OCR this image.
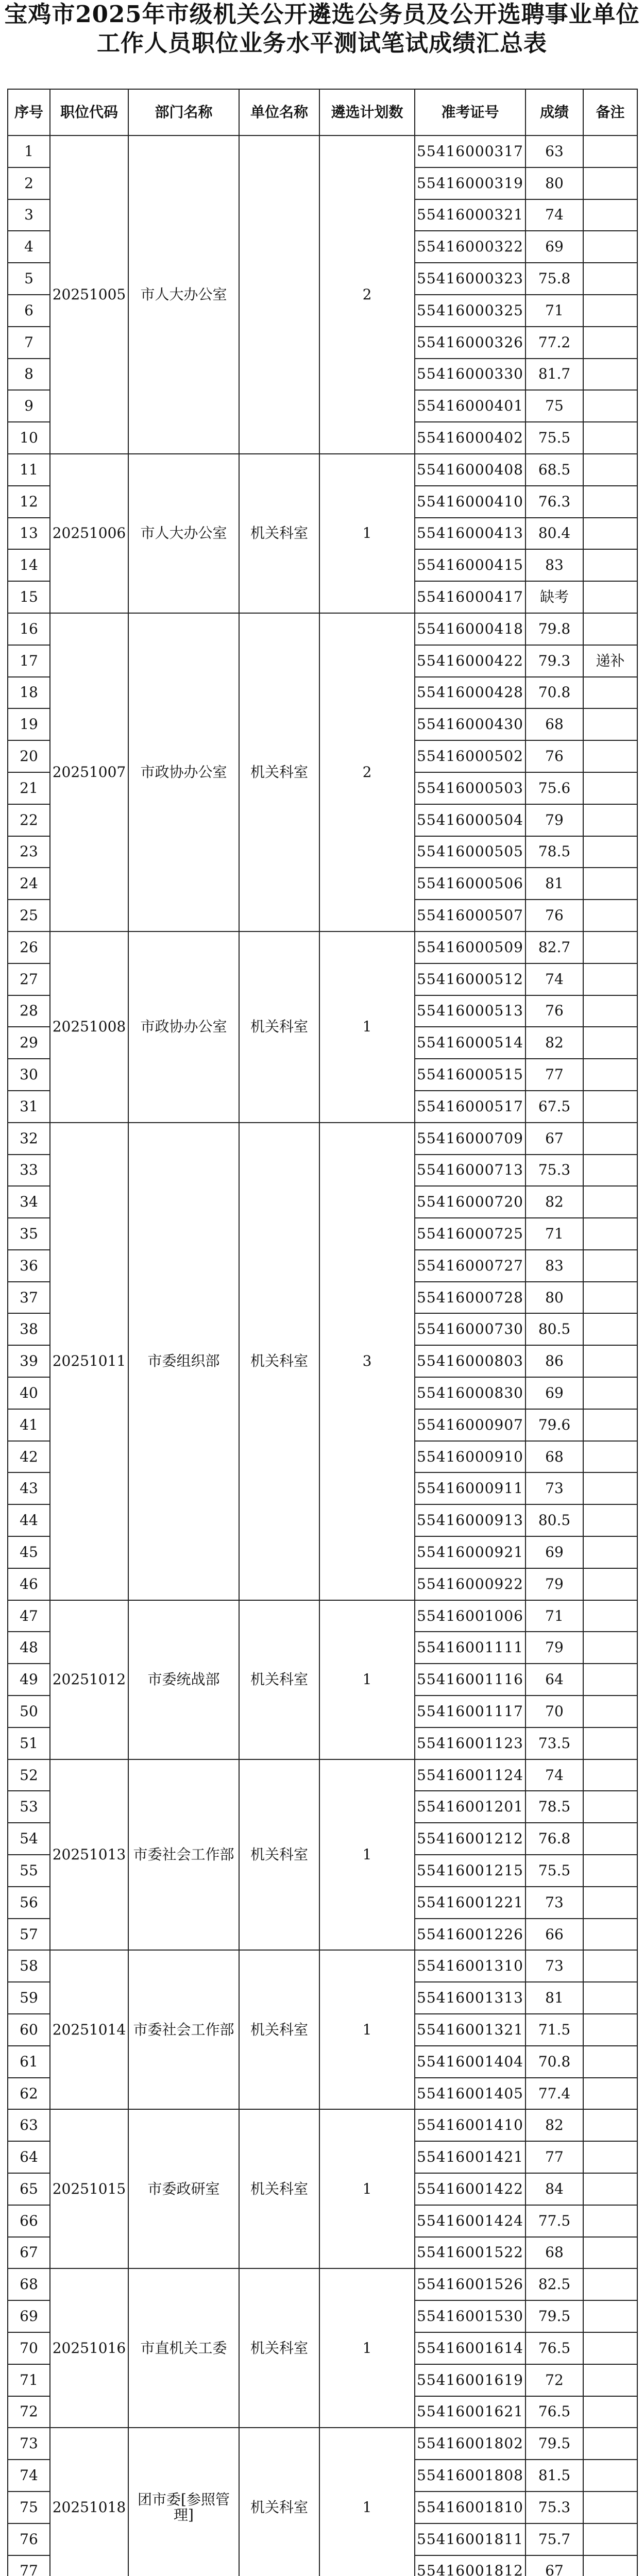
宝鸡市2025年市级机关公开遴选公务员及公开选聘事业单位
工作人员职位业务水平测试笔试成绩汇总表
序号	职位代码	部门名称	单位名称	遴选计划数	准考证号	成绩	备注
1	20251005	市人大办公室		2	55416000317	63	
2					55416000319	80	
3					55416000321	74	
4					55416000322	69	
5					55416000323	75.8	
6					55416000325	71	
7					55416000326	77.2	
8					55416000330	81.7	
9					55416000401	75	
10					55416000402	75.5	
11	20251006	市人大办公室	机关科室	1	55416000408	68.5	
12					55416000410	76.3	
13					55416000413	80.4	
14					55416000415	83	
15					55416000417	缺考	
16	20251007	市政协办公室	机关科室	2	55416000418	79.8	
17					55416000422	79.3	递补
18					55416000428	70.8	
19					55416000430	68	
20					55416000502	76	
21					55416000503	75.6	
22					55416000504	79	
23					55416000505	78.5	
24					55416000506	81	
25					55416000507	76	
26	20251008	市政协办公室	机关科室	1	55416000509	82.7	
27					55416000512	74	
28					55416000513	76	
29					55416000514	82	
30					55416000515	77	
31					55416000517	67.5	
32	20251011	市委组织部	机关科室	3	55416000709	67	
33					55416000713	75.3	
34					55416000720	82	
35					55416000725	71	
36					55416000727	83	
37					55416000728	80	
38					55416000730	80.5	
39					55416000803	86	
40					55416000830	69	
41					55416000907	79.6	
42					55416000910	68	
43					55416000911	73	
44					55416000913	80.5	
45					55416000921	69	
46					55416000922	79	
47	20251012	市委统战部	机关科室	1	55416001006	71	
48					55416001111	79	
49					55416001116	64	
50					55416001117	70	
51					55416001123	73.5	
52	20251013	市委社会工作部	机关科室	1	55416001124	74	
53					55416001201	78.5	
54					55416001212	76.8	
55					55416001215	75.5	
56					55416001221	73	
57					55416001226	66	
58	20251014	市委社会工作部	机关科室	1	55416001310	73	
59					55416001313	81	
60					55416001321	71.5	
61					55416001404	70.8	
62					55416001405	77.4	
63	20251015	市委政研室	机关科室	1	55416001410	82	
64					55416001421	77	
65					55416001422	84	
66					55416001424	77.5	
67					55416001522	68	
68	20251016	市直机关工委	机关科室	1	55416001526	82.5	
69					55416001530	79.5	
70					55416001614	76.5	
71					55416001619	72	
72					55416001621	76.5	
73	20251018	团市委[参照管理]	机关科室	1	55416001802	79.5	
74					55416001808	81.5	
75					55416001810	75.3	
76					55416001811	75.7	
77					55416001812	67	
